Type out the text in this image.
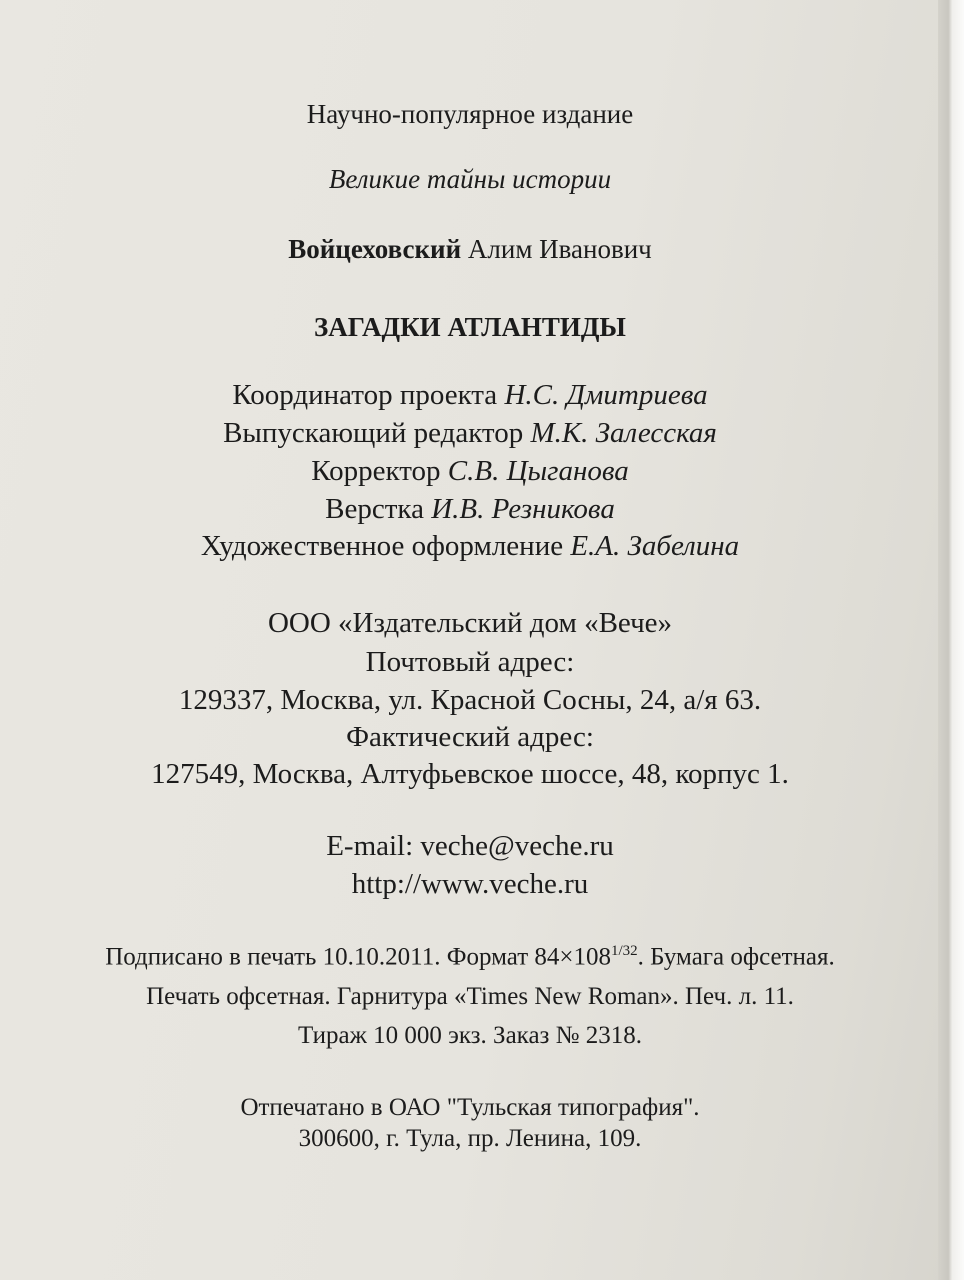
Научно-популярное издание
Великие тайны истории
Войцеховский Алим Иванович
ЗАГАДКИ АТЛАНТИДЫ
Координатор проекта Н.С. Дмитриева
Выпускающий редактор М.К. Залесская
Корректор С.В. Цыганова
Верстка И.В. Резникова
Художественное оформление Е.А. Забелина
ООО «Издательский дом «Вече»
Почтовый адрес:
129337, Москва, ул. Красной Сосны, 24, а/я 63.
Фактический адрес:
127549, Москва, Алтуфьевское шоссе, 48, корпус 1.
E-mail: veche@veche.ru
http://www.veche.ru
Подписано в печать 10.10.2011. Формат $84\times 108^{1/32}$. Бумага офсетная.
Печать офсетная. Гарнитура «Times New Roman». Печ. л. 11.
Тираж 10 000 экз. Заказ № 2318.
Отпечатано в ОАО "Тульская типография".
300600, г. Тула, пр. Ленина, 109.
